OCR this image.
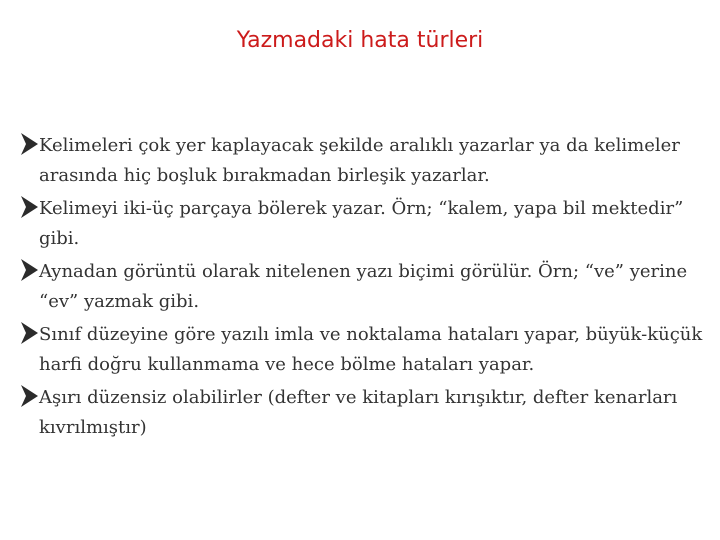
Yazmadaki hata türleri
Kelimeleri çok yer kaplayacak şekilde aralıklı yazarlar ya da kelimeler arasında hiç boşluk bırakmadan birleşik yazarlar.
Kelimeyi iki-üç parçaya bölerek yazar. Örn; “kalem, yapa bil mektedir” gibi.
Aynadan görüntü olarak nitelenen yazı biçimi görülür. Örn; “ve” yerine “ev” yazmak gibi.
Sınıf düzeyine göre yazılı imla ve noktalama hataları yapar, büyük-küçük harfi doğru kullanmama ve hece bölme hataları yapar.
Aşırı düzensiz olabilirler (defter ve kitapları kırışıktır, defter kenarları kıvrılmıştır)
